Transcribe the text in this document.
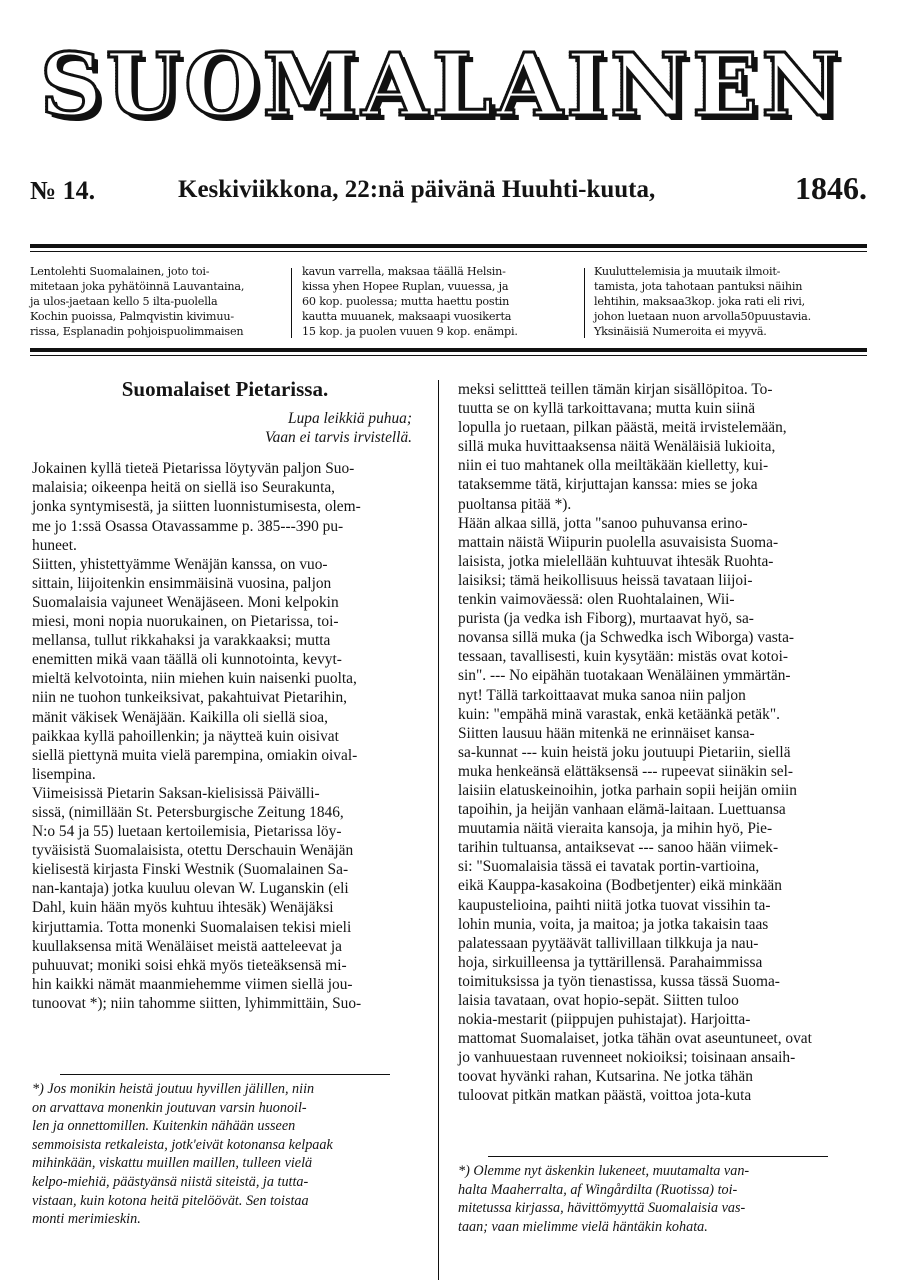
S U O M A L A I N E N
№ 14.	Keskiviikkona, 22:nä päivänä Huuhti-kuuta,	1846.
Lentolehti Suomalainen, joto toi-
mitetaan joka pyhätöinnä Lauvantaina,
ja ulos-jaetaan kello 5 ilta-puolella
Kochin puoissa, Palmqvistin kivimuu-
rissa, Esplanadin pohjoispuolimmaisen
kavun varrella, maksaa täällä Helsin-
kissa yhen Hopee Ruplan, vuuessa, ja
60 kop. puolessa; mutta haettu postin
kautta muuanek, maksaapi vuosikerta
15 kop. ja puolen vuuen 9 kop. enämpi.
Kuuluttelemisia ja muutaik ilmoit-
tamista, jota tahotaan pantuksi näihin
lehtihin, maksaa3kop. joka rati eli rivi,
johon luetaan nuon arvolla50puustavia.
Yksinäisiä Numeroita ei myyvä.

Suomalaiset Pietarissa.

Lupa leikkiä puhua;
Vaan ei tarvis irvistellä.

Jokainen kyllä tieteä Pietarissa löytyvän paljon Suo-
malaisia; oikeenpa heitä on siellä iso Seurakunta,
jonka syntymisestä, ja siitten luonnistumisesta, olem-
me jo 1:ssä Osassa Otavassamme p. 385---390 pu-
huneet.

Siitten, yhistettyämme Wenäjän kanssa, on vuo-
sittain, liijoitenkin ensimmäisinä vuosina, paljon
Suomalaisia vajuneet Wenäjäseen. Moni kelpokin
miesi, moni nopia nuorukainen, on Pietarissa, toi-
mellansa, tullut rikkahaksi ja varakkaaksi; mutta
enemitten mikä vaan täällä oli kunnotointa, kevyt-
mieltä kelvotointa, niin miehen kuin naisenki puolta,
niin ne tuohon tunkeiksivat, pakahtuivat Pietarihin,
mänit väkisek Wenäjään. Kaikilla oli siellä sioa,
paikkaa kyllä pahoillenkin; ja näytteä kuin oisivat
siellä piettynä muita vielä parempina, omiakin oival-
lisempina.

Viimeisissä Pietarin Saksan-kielisissä Päivälli-
sissä, (nimillään St. Petersburgische Zeitung 1846,
N:o 54 ja 55) luetaan kertoilemisia, Pietarissa löy-
tyväisistä Suomalaisista, otettu Derschauin Wenäjän
kielisestä kirjasta Finski Westnik (Suomalainen Sa-
nan-kantaja) jotka kuuluu olevan W. Luganskin (eli
Dahl, kuin hään myös kuhtuu ihtesäk) Wenäjäksi
kirjuttamia. Totta monenki Suomalaisen tekisi mieli
kuullaksensa mitä Wenäläiset meistä aatteleevat ja
puhuuvat; moniki soisi ehkä myös tieteäksensä mi-
hin kaikki nämät maanmiehemme viimen siellä jou-
tunoovat *); niin tahomme siitten, lyhimmittäin, Suo-

meksi selittteä teillen tämän kirjan sisällöpitoa. To-
tuutta se on kyllä tarkoittavana; mutta kuin siinä
lopulla jo ruetaan, pilkan päästä, meitä irvistelemään,
sillä muka huvittaaksensa näitä Wenäläisiä lukioita,
niin ei tuo mahtanek olla meiltäkään kielletty, kui-
tataksemme tätä, kirjuttajan kanssa: mies se joka
puoltansa pitää *).

Hään alkaa sillä, jotta "sanoo puhuvansa erino-
mattain näistä Wiipurin puolella asuvaisista Suoma-
laisista, jotka mielellään kuhtuuvat ihtesäk Ruohta-
laisiksi; tämä heikollisuus heissä tavataan liijoi-
tenkin vaimoväessä: olen Ruohtalainen, Wii-
purista (ja vedka ish Fiborg), murtaavat hyö, sa-
novansa sillä muka (ja Schwedka isch Wiborga) vasta-
tessaan, tavallisesti, kuin kysytään: mistäs ovat kotoi-
sin". --- No eipähän tuotakaan Wenäläinen ymmärtän-
nyt! Tällä tarkoittaavat muka sanoa niin paljon
kuin: "empähä minä varastak, enkä ketäänkä petäk".

Siitten lausuu hään mitenkä ne erinnäiset kansa-
sa-kunnat --- kuin heistä joku joutuupi Pietariin, siellä
muka henkeänsä elättäksensä --- rupeevat siinäkin sel-
laisiin elatuskeinoihin, jotka parhain sopii heijän omiin
tapoihin, ja heijän vanhaan elämä-laitaan. Luettuansa
muutamia näitä vieraita kansoja, ja mihin hyö, Pie-
tarihin tultuansa, antaiksevat --- sanoo hään viimek-
si: "Suomalaisia tässä ei tavatak portin-vartioina,
eikä Kauppa-kasakoina (Bodbetjenter) eikä minkään
kaupustelioina, paihti niitä jotka tuovat vissihin ta-
lohin munia, voita, ja maitoa; ja jotka takaisin taas
palatessaan pyytäävät tallivillaan tilkkuja ja nau-
hoja, sirkuilleensa ja tyttärillensä. Parahaimmissa
toimituksissa ja työn tienastissa, kussa tässä Suoma-
laisia tavataan, ovat hopio-sepät. Siitten tuloo
nokia-mestarit (piippujen puhistajat). Harjoitta-
mattomat Suomalaiset, jotka tähän ovat aseuntuneet, ovat
jo vanhuuestaan ruvenneet nokioiksi; toisinaan ansaih-
toovat hyvänki rahan, Kutsarina. Ne jotka tähän
tuloovat pitkän matkan päästä, voittoa jota-kuta

*) Jos monikin heistä joutuu hyvillen jälillen, niin
on arvattava monenkin joutuvan varsin huonoil-
len ja onnettomillen. Kuitenkin nähään usseen
semmoisista retkaleista, jotk'eivät kotonansa kelpaak
mihinkään, viskattu muillen maillen, tulleen vielä
kelpo-miehiä, päästyänsä niistä siteistä, ja tutta-
vistaan, kuin kotona heitä pitelöövät. Sen toistaa
monti merimieskin.

*) Olemme nyt äskenkin lukeneet, muutamalta van-
halta Maaherralta, af Wingårdilta (Ruotissa) toi-
mitetussa kirjassa, hävittömyyttä Suomalaisia vas-
taan; vaan mielimme vielä häntäkin kohata.
